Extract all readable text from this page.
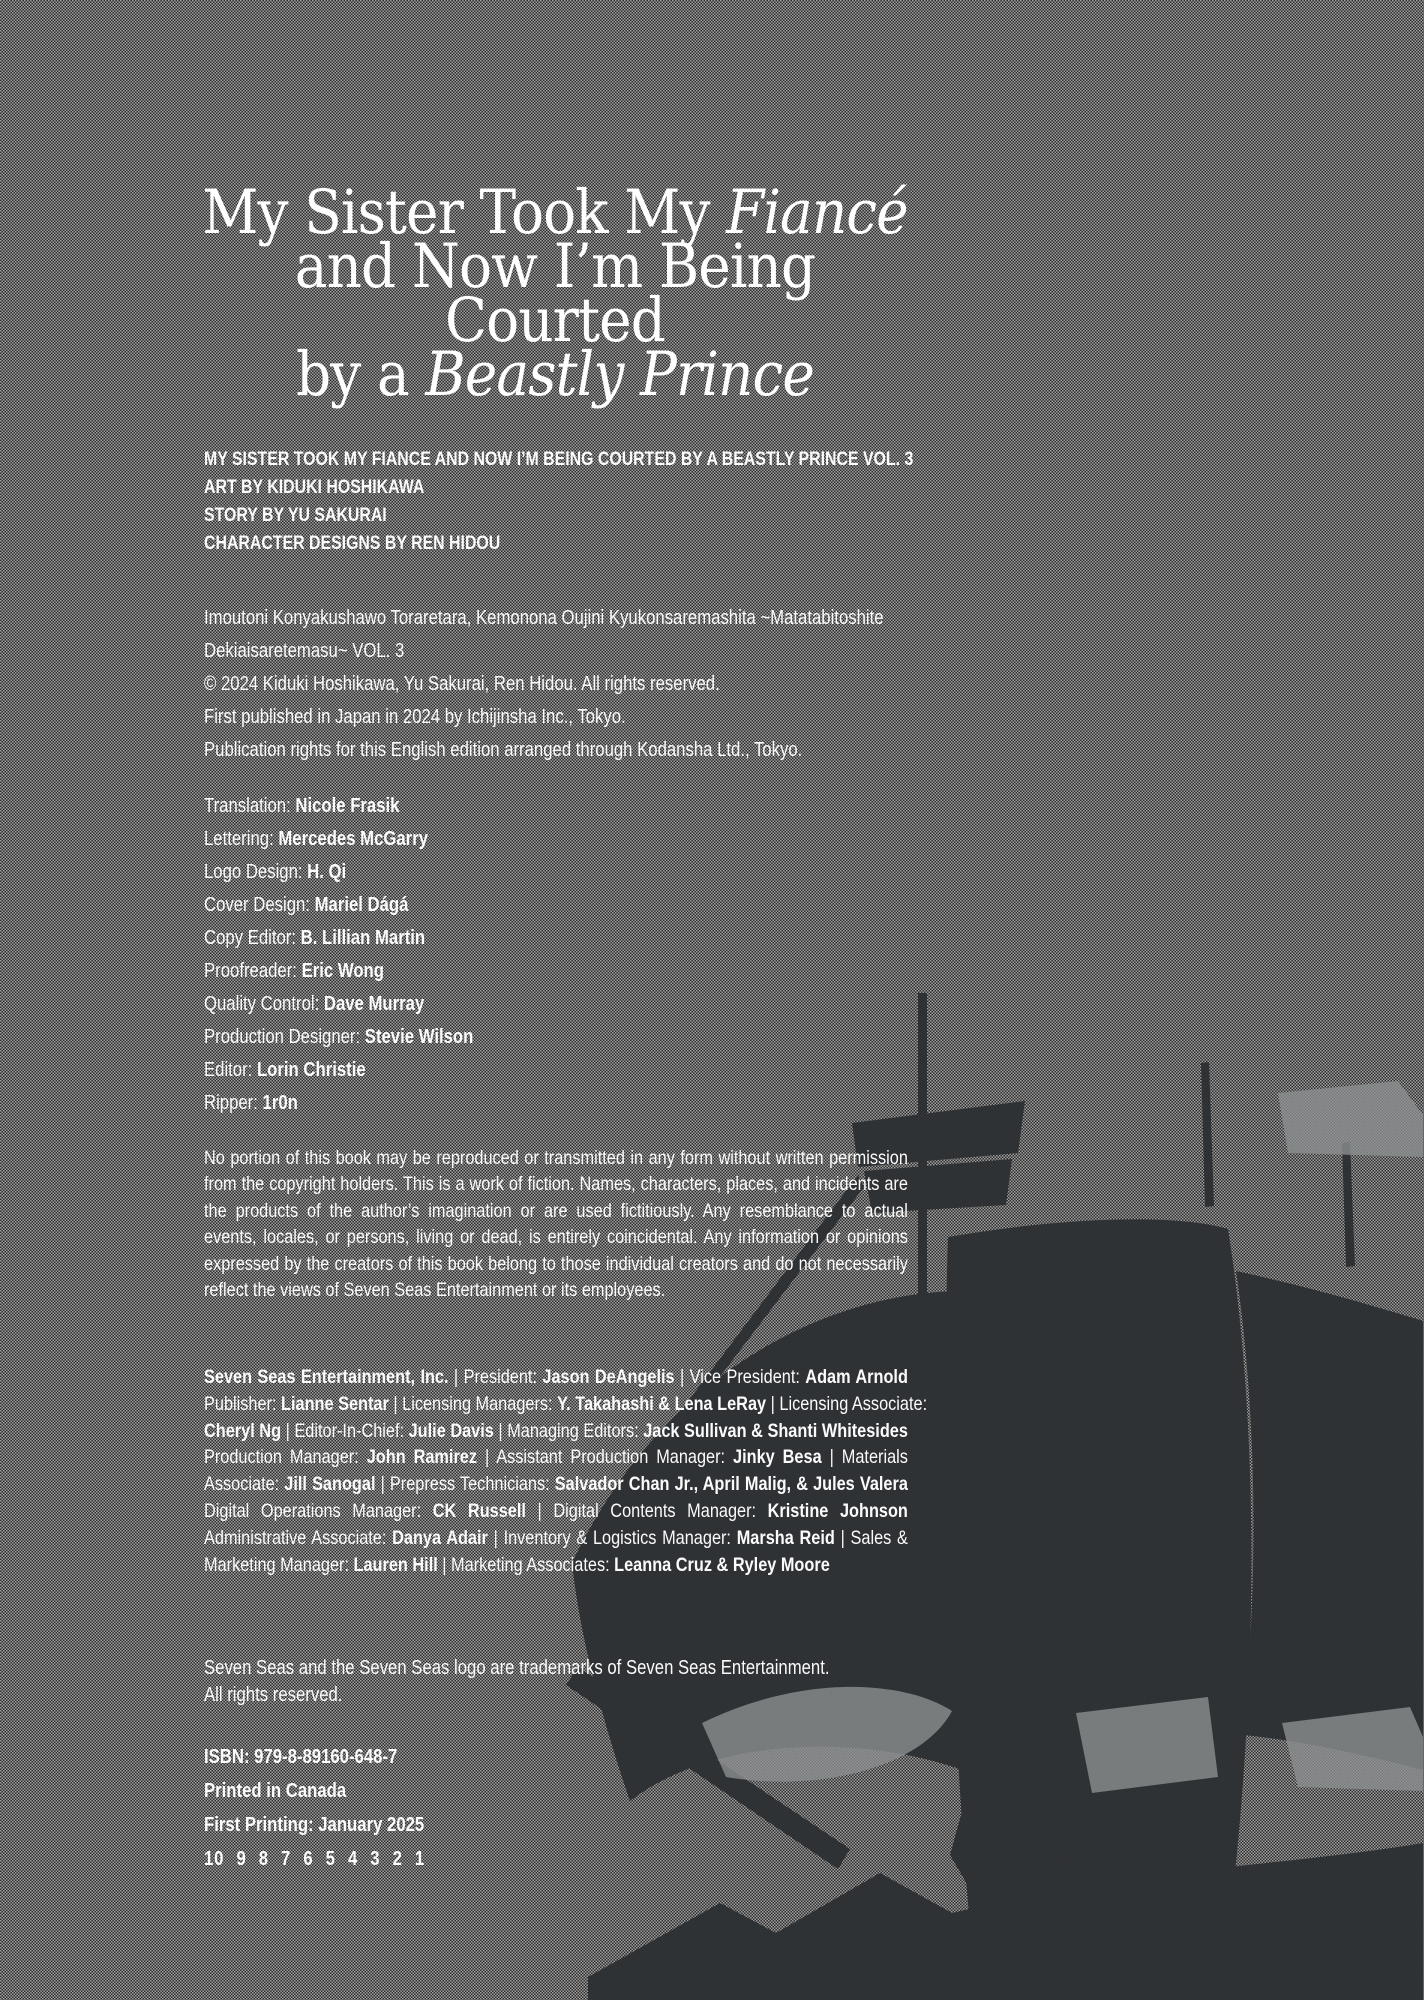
My Sister Took My Fiancé
and Now I’m Being Courted
by a Beastly Prince
MY SISTER TOOK MY FIANCE AND NOW I’M BEING COURTED BY A BEASTLY PRINCE VOL. 3
ART BY KIDUKI HOSHIKAWA
STORY BY YU SAKURAI
CHARACTER DESIGNS BY REN HIDOU
Imoutoni Konyakushawo Toraretara, Kemonona Oujini Kyukonsaremashita ~Matatabitoshite Dekiaisaretemasu~ VOL. 3
© 2024 Kiduki Hoshikawa, Yu Sakurai, Ren Hidou. All rights reserved.
First published in Japan in 2024 by Ichijinsha Inc., Tokyo.
Publication rights for this English edition arranged through Kodansha Ltd., Tokyo.
Translation: Nicole Frasik
Lettering: Mercedes McGarry
Logo Design: H. Qi
Cover Design: Mariel Dágá
Copy Editor: B. Lillian Martin
Proofreader: Eric Wong
Quality Control: Dave Murray
Production Designer: Stevie Wilson
Editor: Lorin Christie
Ripper: 1r0n

No portion of this book may be reproduced or transmitted in any form without written permission from the copyright holders. This is a work of fiction. Names, characters, places, and incidents are the products of the author’s imagination or are used fictitiously. Any resemblance to actual events, locales, or persons, living or dead, is entirely coincidental. Any information or opinions expressed by the creators of this book belong to those individual creators and do not necessarily reflect the views of Seven Seas Entertainment or its employees.

Seven Seas Entertainment, Inc. | President: Jason DeAngelis | Vice President: Adam Arnold
Publisher: Lianne Sentar | Licensing Managers: Y. Takahashi & Lena LeRay | Licensing Associate:
Cheryl Ng | Editor-In-Chief: Julie Davis | Managing Editors: Jack Sullivan & Shanti Whitesides
Production Manager: John Ramirez | Assistant Production Manager: Jinky Besa | Materials
Associate: Jill Sanogal | Prepress Technicians: Salvador Chan Jr., April Malig, & Jules Valera
Digital Operations Manager: CK Russell | Digital Contents Manager: Kristine Johnson
Administrative Associate: Danya Adair | Inventory & Logistics Manager: Marsha Reid | Sales &
Marketing Manager: Lauren Hill | Marketing Associates: Leanna Cruz & Ryley Moore
Seven Seas and the Seven Seas logo are trademarks of Seven Seas Entertainment.
All rights reserved.
ISBN: 979-8-89160-648-7
Printed in Canada
First Printing: January 2025
10 9 8 7 6 5 4 3 2 1
